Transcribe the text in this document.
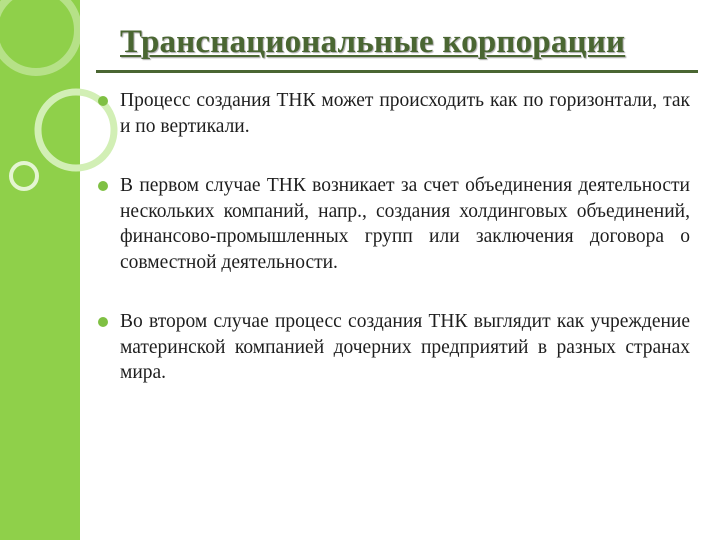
Транснациональные корпорации
Процесс создания ТНК может происходить как по горизонтали, так и по вертикали.
В первом случае ТНК возникает за счет объединения деятельности нескольких компаний, напр., создания холдинговых объединений, финансово-промышленных групп или заключения договора о совместной деятельности.
Во втором случае процесс создания ТНК выглядит как учреждение материнской компанией дочерних предприятий в разных странах мира.
